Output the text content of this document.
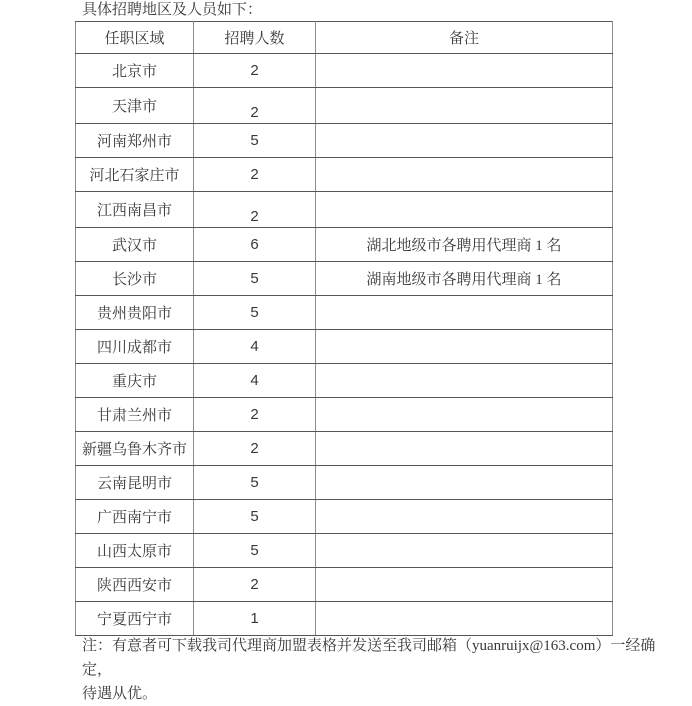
具体招聘地区及人员如下：

任职区域	招聘人数	备注
北京市	2	
天津市	2	
河南郑州市	5	
河北石家庄市	2	
江西南昌市	2	
武汉市	6	湖北地级市各聘用代理商 1 名
长沙市	5	湖南地级市各聘用代理商 1 名
贵州贵阳市	5	
四川成都市	4	
重庆市	4	
甘肃兰州市	2	
新疆乌鲁木齐市	2	
云南昆明市	5	
广西南宁市	5	
山西太原市	5	
陕西西安市	2	
宁夏西宁市	1	

注：有意者可下载我司代理商加盟表格并发送至我司邮箱（yuanruijx@163.com）一经确定，
待遇从优。
